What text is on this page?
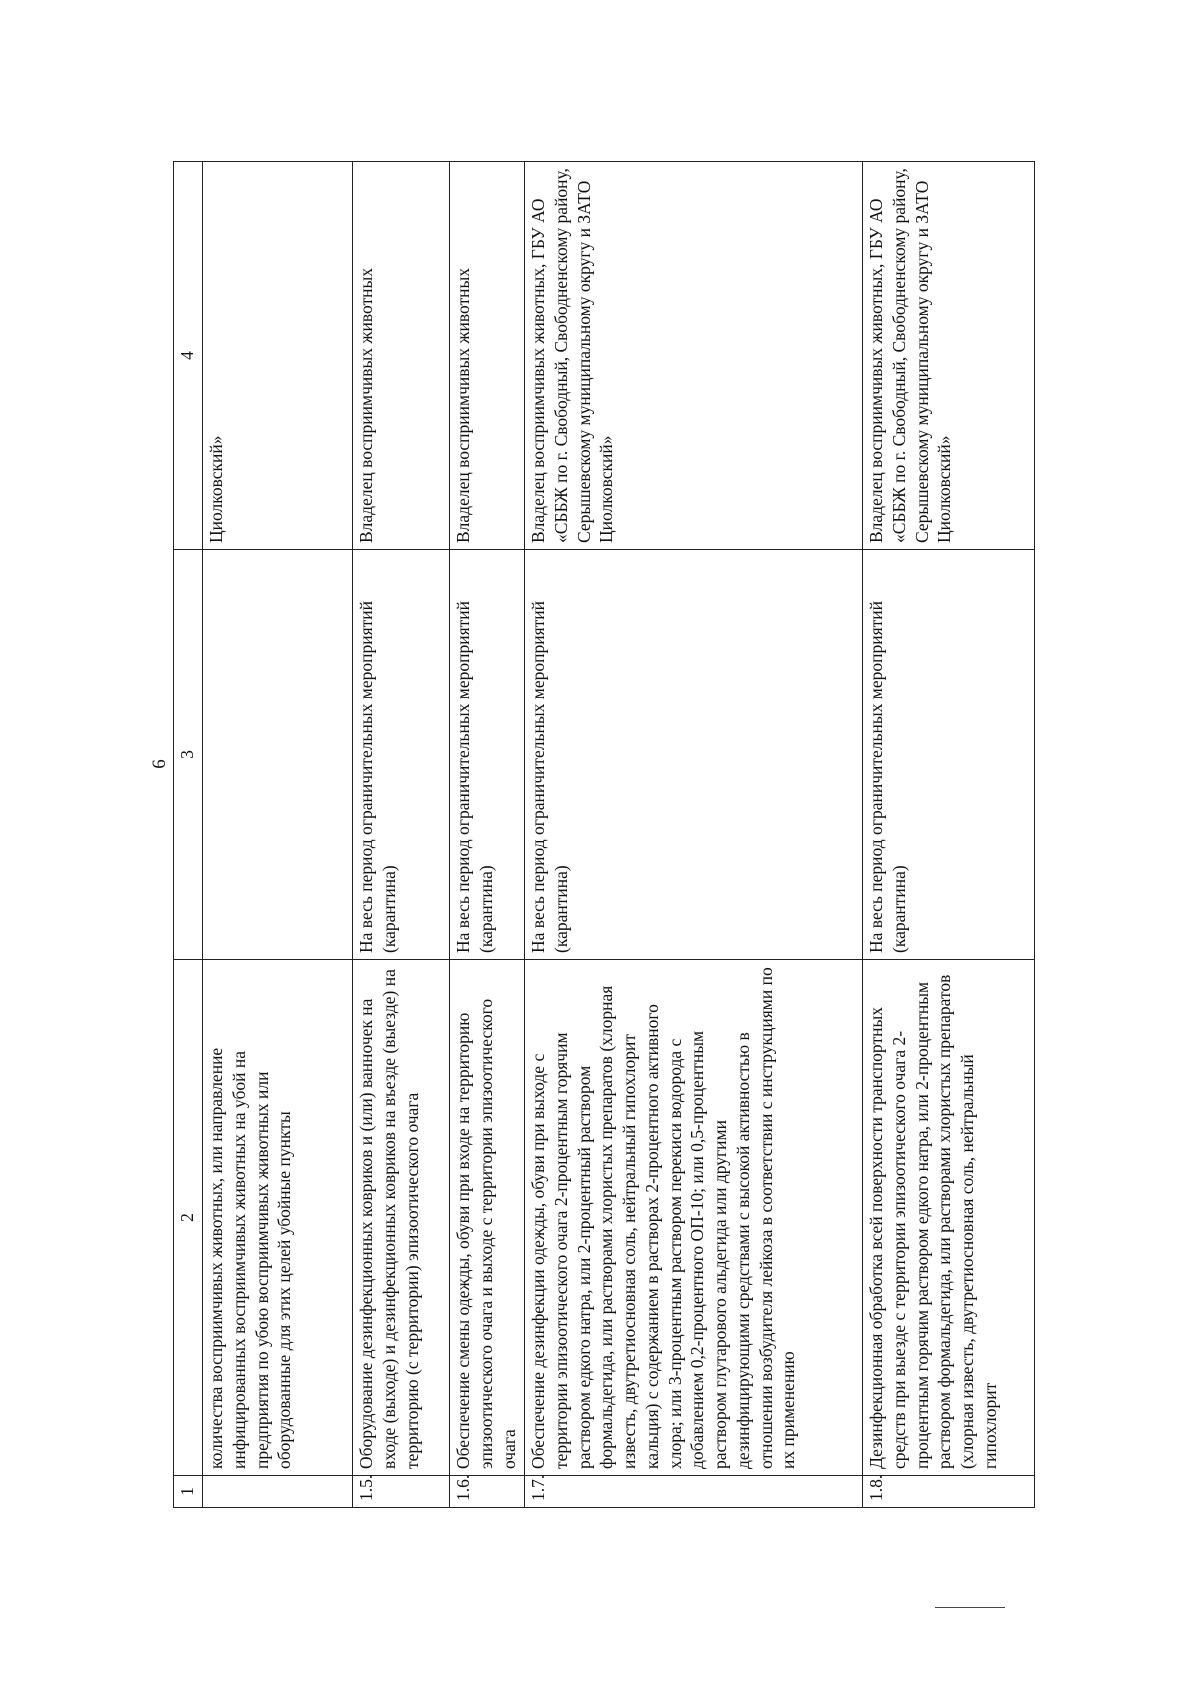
6
1	2	3	4
	количества восприимчивых животных, или направление инфицированных восприимчивых животных на убой на предприятия по убою восприимчивых животных или оборудованные для этих целей убойные пункты		Циолковский»
1.5.	Оборудование дезинфекционных ковриков и (или) ванночек на входе (выходе) и дезинфекционных ковриков на въезде (выезде) на территорию (с территории) эпизоотического очага	На весь период ограничительных мероприятий (карантина)	Владелец восприимчивых животных
1.6.	Обеспечение смены одежды, обуви при входе на территорию эпизоотического очага и выходе с территории эпизоотического очага	На весь период ограничительных мероприятий (карантина)	Владелец восприимчивых животных
1.7.	Обеспечение дезинфекции одежды, обуви при выходе с территории эпизоотического очага 2-процентным горячим раствором едкого натра, или 2-процентный раствором формальдегида, или растворами хлористых препаратов (хлорная известь, двутретиосновная соль, нейтральный гипохлорит кальция) с содержанием в растворах 2-процентного активного хлора; или 3-процентным раствором перекиси водорода с добавлением 0,2-процентного ОП-10; или 0,5-процентным раствором глутарового альдегида или другими дезинфицирующими средствами с высокой активностью в отношении возбудителя лейкоза в соответствии с инструкциями по их применению	На весь период ограничительных мероприятий (карантина)	Владелец восприимчивых животных, ГБУ АО «СББЖ по г. Свободный, Свободненскому району, Серышевскому муниципальному округу и ЗАТО Циолковский»
1.8.	Дезинфекционная обработка всей поверхности транспортных средств при выезде с территории эпизоотического очага 2-процентным горячим раствором едкого натра, или 2-процентным раствором формальдегида, или растворами хлористых препаратов (хлорная известь, двутретиосновная соль, нейтральный гипохлорит	На весь период ограничительных мероприятий (карантина)	Владелец восприимчивых животных, ГБУ АО «СББЖ по г. Свободный, Свободненскому району, Серышевскому муниципальному округу и ЗАТО Циолковский»
